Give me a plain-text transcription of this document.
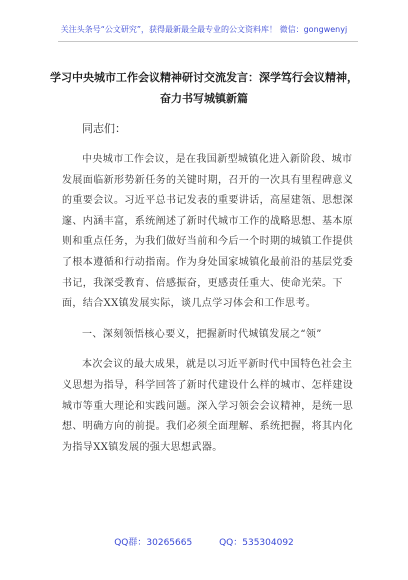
关注头条号“公文研究”，获得最新最全最专业的公文资料库！ 微信：gongwenyj
学习中央城市工作会议精神研讨交流发言：深学笃行会议精神，奋力书写城镇新篇
同志们：

中央城市工作会议，是在我国新型城镇化进入新阶段、城市发展面临新形势新任务的关键时期，召开的一次具有里程碑意义的重要会议。习近平总书记发表的重要讲话，高屋建瓴、思想深邃、内涵丰富，系统阐述了新时代城市工作的战略思想、基本原则和重点任务，为我们做好当前和今后一个时期的城镇工作提供了根本遵循和行动指南。作为身处国家城镇化最前沿的基层党委书记，我深受教育、倍感振奋，更感责任重大、使命光荣。下面，结合XX镇发展实际，谈几点学习体会和工作思考。

一、深刻领悟核心要义，把握新时代城镇发展之“领”

本次会议的最大成果，就是以习近平新时代中国特色社会主义思想为指导，科学回答了新时代建设什么样的城市、怎样建设城市等重大理论和实践问题。深入学习领会会议精神，是统一思想、明确方向的前提。我们必须全面理解、系统把握，将其内化为指导XX镇发展的强大思想武器。

QQ群：30265665	QQ：535304092
